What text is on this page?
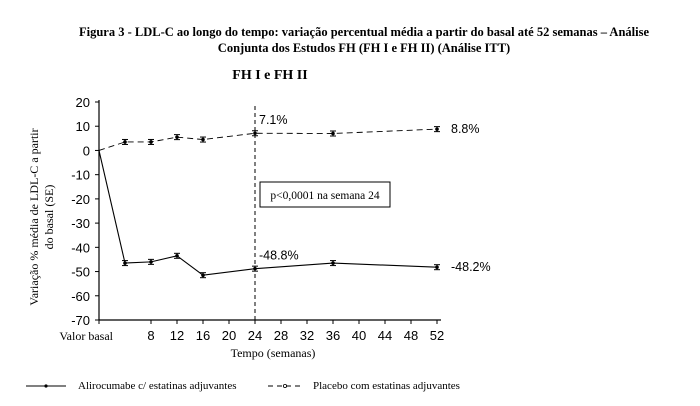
Figura 3 - LDL-C ao longo do tempo: variação percentual média a partir do basal até 52 semanas – Análise
Conjunta dos Estudos FH (FH I e FH II) (Análise ITT)
FH I e FH II
Variação % média de LDL-C a partir do basal (SE)
Tempo (semanas)
20
10
0
-10
-20
-30
-40
-50
-60
-70
Valor basal	8 12 16 20 24 28 32 36 40 44 48 52
p<0,0001 na semana 24
-48.8%
-48.2%
7.1%
8.8%
Alirocumabe c/ estatinas adjuvantes	Placebo com estatinas adjuvantes
